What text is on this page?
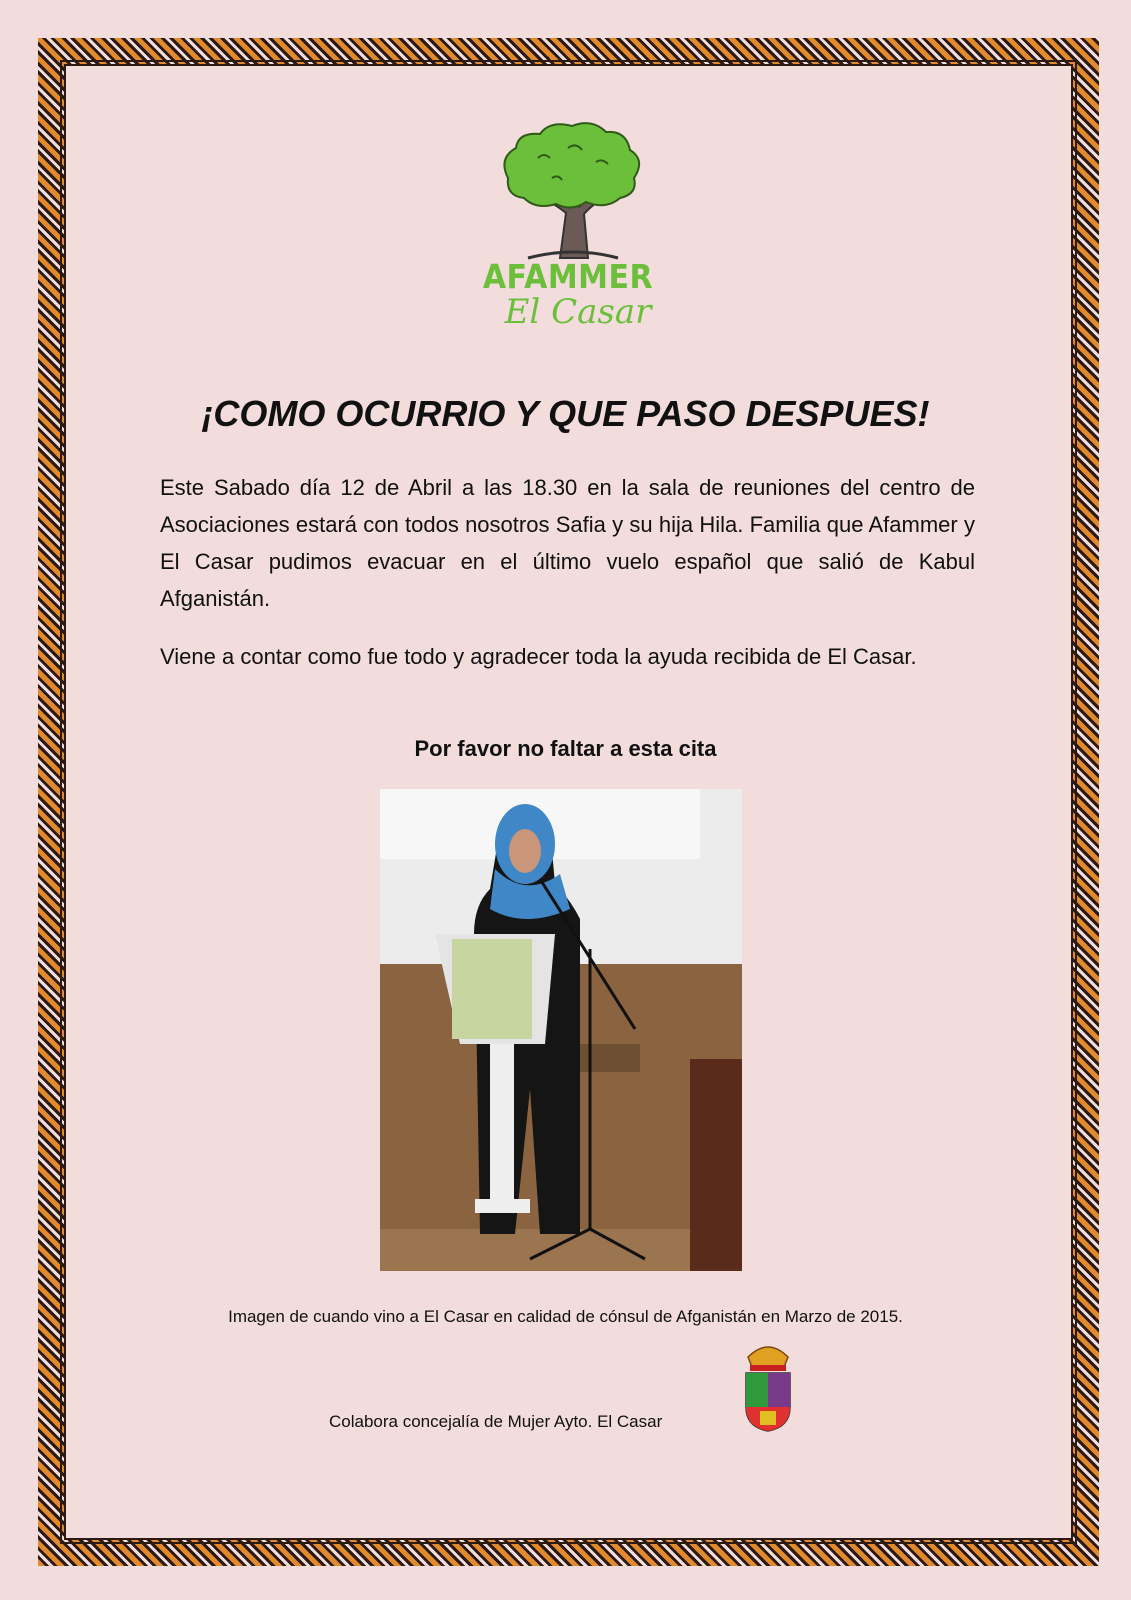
AFAMMER
El Casar
¡COMO OCURRIO Y QUE PASO DESPUES!
Este Sabado día 12 de Abril a las 18.30 en la sala de reuniones del centro de Asociaciones estará con todos nosotros Safia y su hija Hila. Familia que Afammer y El Casar pudimos evacuar en el último vuelo español que salió de Kabul Afganistán.
Viene a contar como fue todo y agradecer toda la ayuda recibida de El Casar.
Por favor no faltar a esta cita
Imagen de cuando vino a El Casar en calidad de cónsul de Afganistán en Marzo de 2015.
Colabora concejalía de Mujer Ayto. El Casar
